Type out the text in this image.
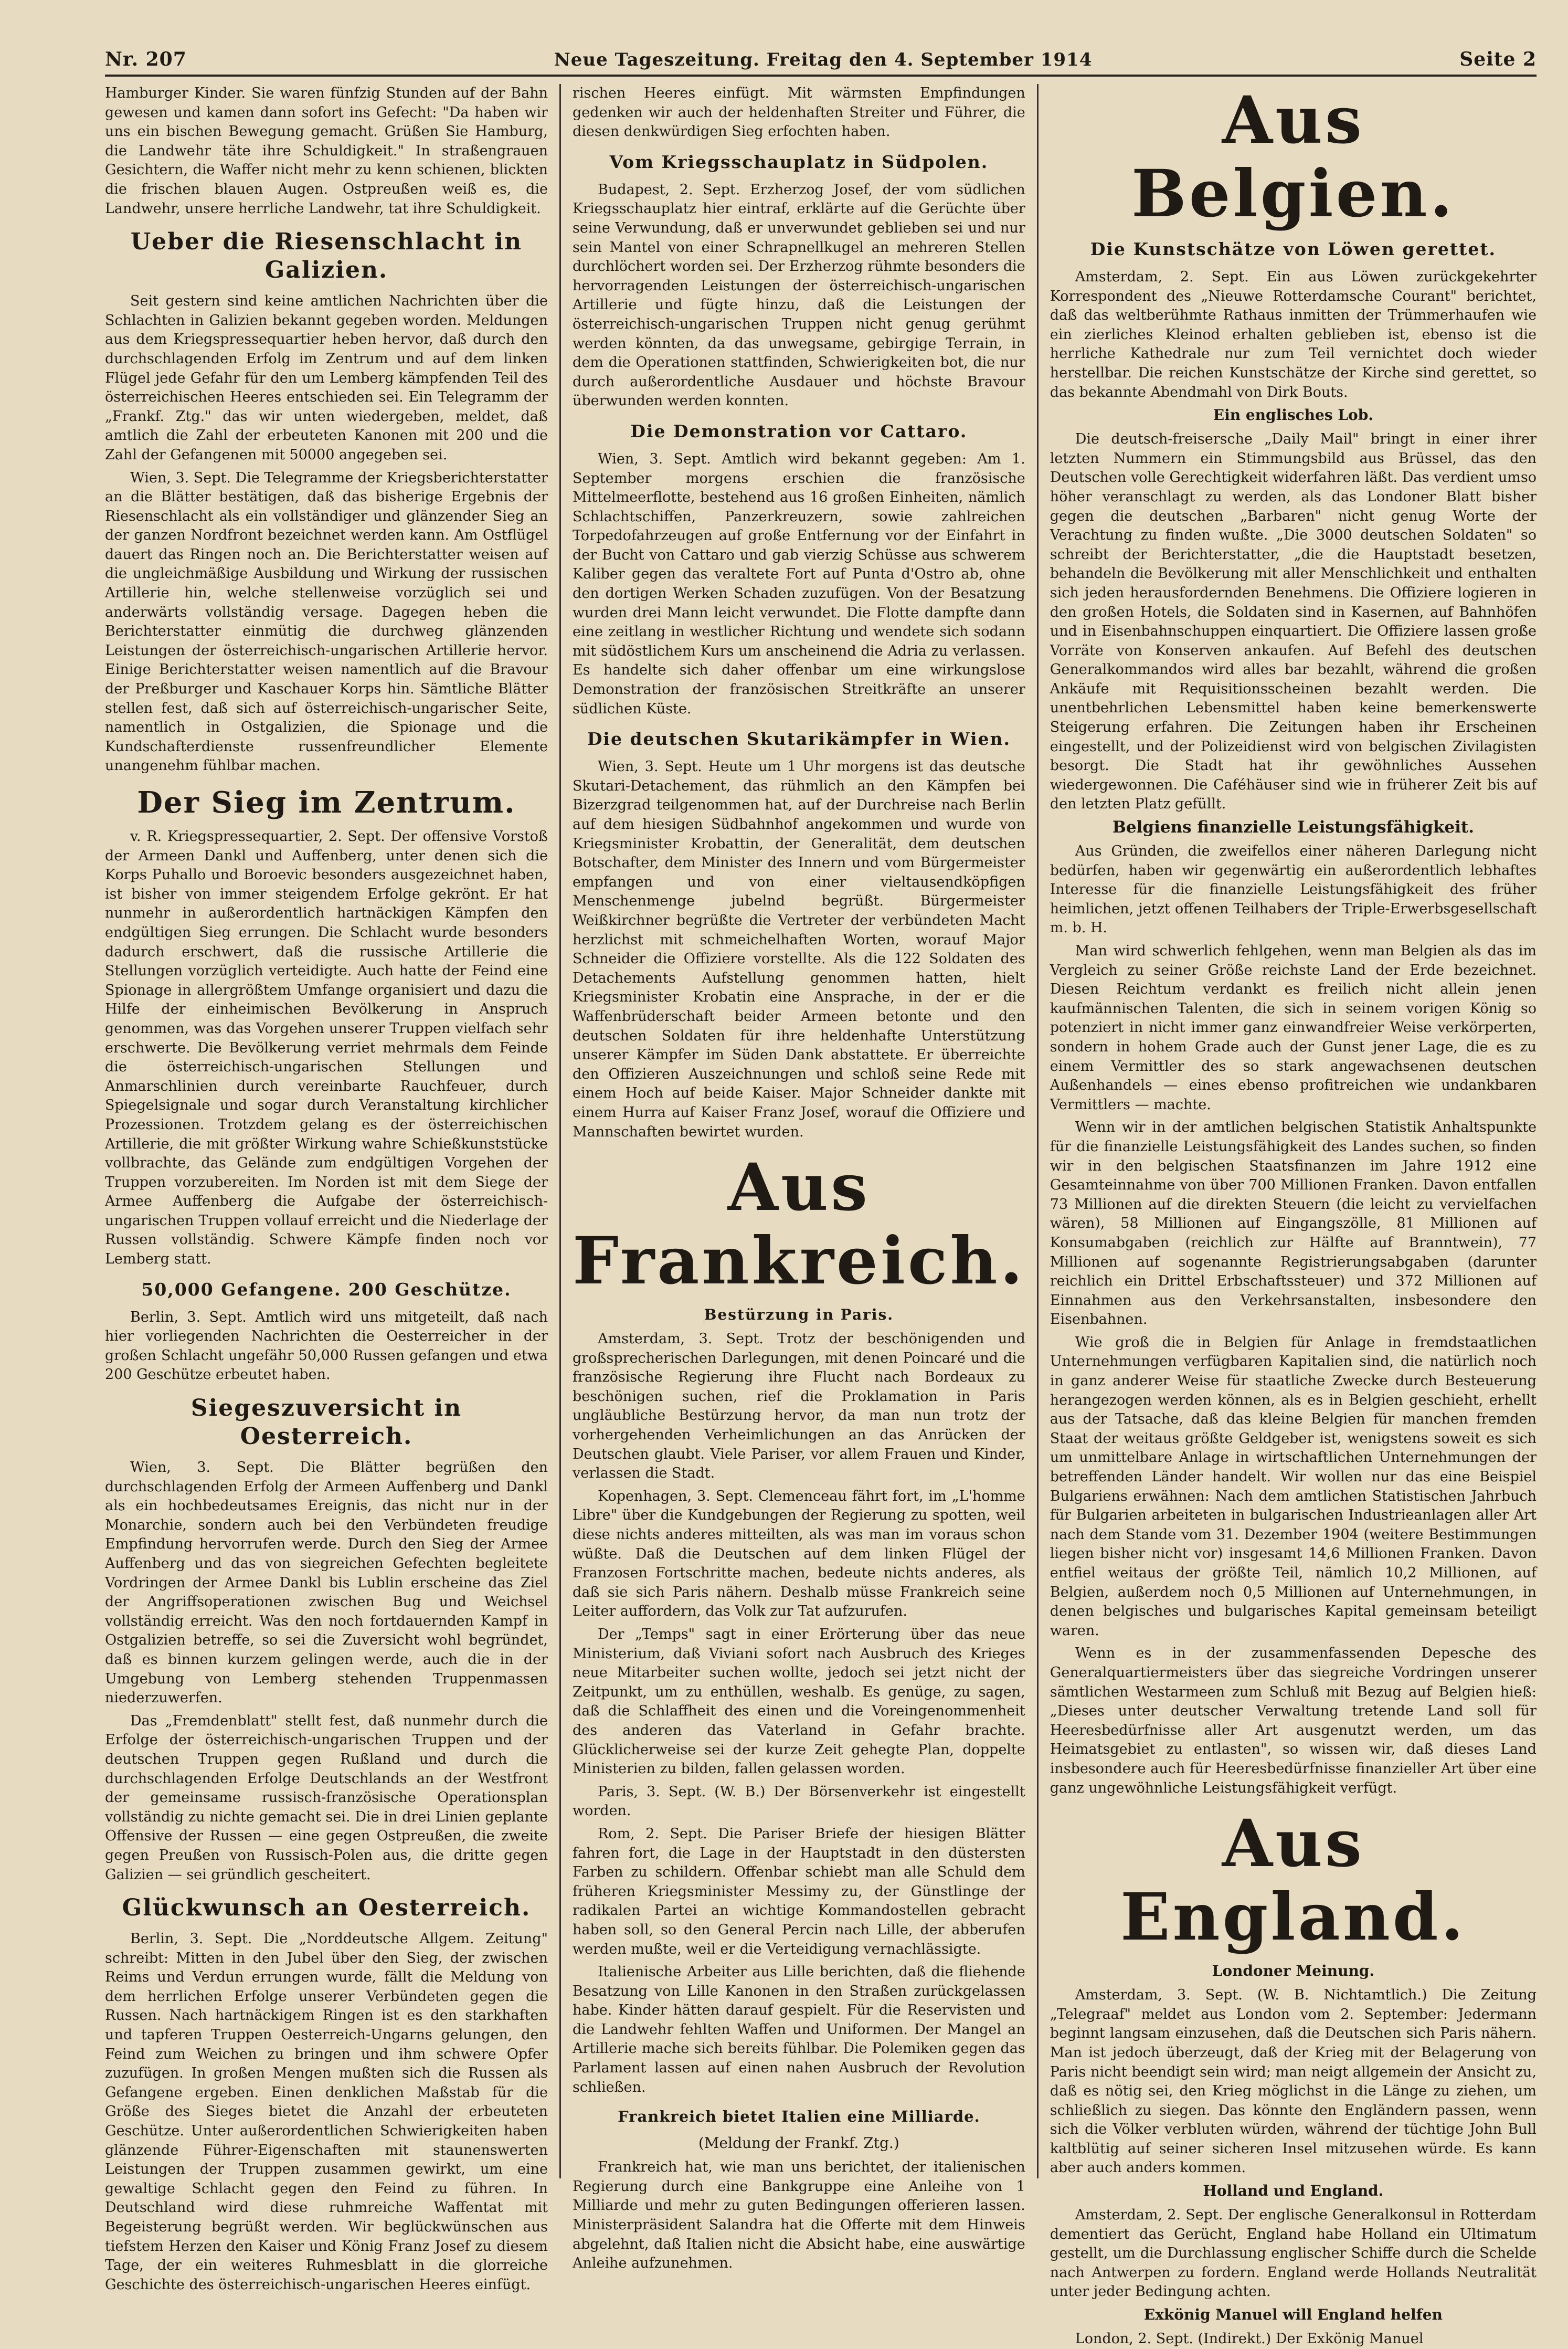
Nr. 207	Neue Tageszeitung. Freitag den 4. September 1914	Seite 2

Hamburger Kinder. Sie waren fünfzig Stunden auf der Bahn gewesen und kamen dann sofort ins Gefecht: "Da haben wir uns ein bischen Bewegung gemacht. Grüßen Sie Hamburg, die Landwehr täte ihre Schuldigkeit." In straßengrauen Gesichtern, die Waffer nicht mehr zu kenn schienen, blickten die frischen blauen Augen. Ostpreußen weiß es, die Landwehr, unsere herrliche Landwehr, tat ihre Schuldigkeit.

Ueber die Riesenschlacht in Galizien.

Seit gestern sind keine amtlichen Nachrichten über die Schlachten in Galizien bekannt gegeben worden. Meldungen aus dem Kriegspressequartier heben hervor, daß durch den durchschlagenden Erfolg im Zentrum und auf dem linken Flügel jede Gefahr für den um Lemberg kämpfenden Teil des österreichischen Heeres entschieden sei. Ein Telegramm der „Frankf. Ztg." das wir unten wiedergeben, meldet, daß amtlich die Zahl der erbeuteten Kanonen mit 200 und die Zahl der Gefangenen mit 50000 angegeben sei.

Wien, 3. Sept. Die Telegramme der Kriegsberichterstatter an die Blätter bestätigen, daß das bisherige Ergebnis der Riesenschlacht als ein vollständiger und glänzender Sieg an der ganzen Nordfront bezeichnet werden kann. Am Ostflügel dauert das Ringen noch an. Die Berichterstatter weisen auf die ungleichmäßige Ausbildung und Wirkung der russischen Artillerie hin, welche stellenweise vorzüglich sei und anderwärts vollständig versage. Dagegen heben die Berichterstatter einmütig die durchweg glänzenden Leistungen der österreichisch-ungarischen Artillerie hervor. Einige Berichterstatter weisen namentlich auf die Bravour der Preßburger und Kaschauer Korps hin. Sämtliche Blätter stellen fest, daß sich auf österreichisch-ungarischer Seite, namentlich in Ostgalizien, die Spionage und die Kundschafterdienste russenfreundlicher Elemente unangenehm fühlbar machen.

Der Sieg im Zentrum.

v. R. Kriegspressequartier, 2. Sept. Der offensive Vorstoß der Armeen Dankl und Auffenberg, unter denen sich die Korps Puhallo und Boroevic besonders ausgezeichnet haben, ist bisher von immer steigendem Erfolge gekrönt. Er hat nunmehr in außerordentlich hartnäckigen Kämpfen den endgültigen Sieg errungen. Die Schlacht wurde besonders dadurch erschwert, daß die russische Artillerie die Stellungen vorzüglich verteidigte. Auch hatte der Feind eine Spionage in allergrößtem Umfange organisiert und dazu die Hilfe der einheimischen Bevölkerung in Anspruch genommen, was das Vorgehen unserer Truppen vielfach sehr erschwerte. Die Bevölkerung verriet mehrmals dem Feinde die österreichisch-ungarischen Stellungen und Anmarschlinien durch vereinbarte Rauchfeuer, durch Spiegelsignale und sogar durch Veranstaltung kirchlicher Prozessionen. Trotzdem gelang es der österreichischen Artillerie, die mit größter Wirkung wahre Schießkunststücke vollbrachte, das Gelände zum endgültigen Vorgehen der Truppen vorzubereiten. Im Norden ist mit dem Siege der Armee Auffenberg die Aufgabe der österreichisch-ungarischen Truppen vollauf erreicht und die Niederlage der Russen vollständig. Schwere Kämpfe finden noch vor Lemberg statt.

50,000 Gefangene. 200 Geschütze.

Berlin, 3. Sept. Amtlich wird uns mitgeteilt, daß nach hier vorliegenden Nachrichten die Oesterreicher in der großen Schlacht ungefähr 50,000 Russen gefangen und etwa 200 Geschütze erbeutet haben.

Siegeszuversicht in Oesterreich.

Wien, 3. Sept. Die Blätter begrüßen den durchschlagenden Erfolg der Armeen Auffenberg und Dankl als ein hochbedeutsames Ereignis, das nicht nur in der Monarchie, sondern auch bei den Verbündeten freudige Empfindung hervorrufen werde. Durch den Sieg der Armee Auffenberg und das von siegreichen Gefechten begleitete Vordringen der Armee Dankl bis Lublin erscheine das Ziel der Angriffsoperationen zwischen Bug und Weichsel vollständig erreicht. Was den noch fortdauernden Kampf in Ostgalizien betreffe, so sei die Zuversicht wohl begründet, daß es binnen kurzem gelingen werde, auch die in der Umgebung von Lemberg stehenden Truppenmassen niederzuwerfen.

Das „Fremdenblatt" stellt fest, daß nunmehr durch die Erfolge der österreichisch-ungarischen Truppen und der deutschen Truppen gegen Rußland und durch die durchschlagenden Erfolge Deutschlands an der Westfront der gemeinsame russisch-französische Operationsplan vollständig zu nichte gemacht sei. Die in drei Linien geplante Offensive der Russen — eine gegen Ostpreußen, die zweite gegen Preußen von Russisch-Polen aus, die dritte gegen Galizien — sei gründlich gescheitert.

Glückwunsch an Oesterreich.

Berlin, 3. Sept. Die „Norddeutsche Allgem. Zeitung" schreibt: Mitten in den Jubel über den Sieg, der zwischen Reims und Verdun errungen wurde, fällt die Meldung von dem herrlichen Erfolge unserer Verbündeten gegen die Russen. Nach hartnäckigem Ringen ist es den starkhaften und tapferen Truppen Oesterreich-Ungarns gelungen, den Feind zum Weichen zu bringen und ihm schwere Opfer zuzufügen. In großen Mengen mußten sich die Russen als Gefangene ergeben. Einen denklichen Maßstab für die Größe des Sieges bietet die Anzahl der erbeuteten Geschütze. Unter außerordentlichen Schwierigkeiten haben glänzende Führer-Eigenschaften mit staunenswerten Leistungen der Truppen zusammen gewirkt, um eine gewaltige Schlacht gegen den Feind zu führen. In Deutschland wird diese ruhmreiche Waffentat mit Begeisterung begrüßt werden. Wir beglückwünschen aus tiefstem Herzen den Kaiser und König Franz Josef zu diesem Tage, der ein weiteres Ruhmesblatt in die glorreiche Geschichte des österreichisch-ungarischen Heeres einfügt.

rischen Heeres einfügt. Mit wärmsten Empfindungen gedenken wir auch der heldenhaften Streiter und Führer, die diesen denkwürdigen Sieg erfochten haben.

Vom Kriegsschauplatz in Südpolen.

Budapest, 2. Sept. Erzherzog Josef, der vom südlichen Kriegsschauplatz hier eintraf, erklärte auf die Gerüchte über seine Verwundung, daß er unverwundet geblieben sei und nur sein Mantel von einer Schrapnellkugel an mehreren Stellen durchlöchert worden sei. Der Erzherzog rühmte besonders die hervorragenden Leistungen der österreichisch-ungarischen Artillerie und fügte hinzu, daß die Leistungen der österreichisch-ungarischen Truppen nicht genug gerühmt werden könnten, da das unwegsame, gebirgige Terrain, in dem die Operationen stattfinden, Schwierigkeiten bot, die nur durch außerordentliche Ausdauer und höchste Bravour überwunden werden konnten.

Die Demonstration vor Cattaro.

Wien, 3. Sept. Amtlich wird bekannt gegeben: Am 1. September morgens erschien die französische Mittelmeerflotte, bestehend aus 16 großen Einheiten, nämlich Schlachtschiffen, Panzerkreuzern, sowie zahlreichen Torpedofahrzeugen auf große Entfernung vor der Einfahrt in der Bucht von Cattaro und gab vierzig Schüsse aus schwerem Kaliber gegen das veraltete Fort auf Punta d'Ostro ab, ohne den dortigen Werken Schaden zuzufügen. Von der Besatzung wurden drei Mann leicht verwundet. Die Flotte dampfte dann eine zeitlang in westlicher Richtung und wendete sich sodann mit südöstlichem Kurs um anscheinend die Adria zu verlassen. Es handelte sich daher offenbar um eine wirkungslose Demonstration der französischen Streitkräfte an unserer südlichen Küste.

Die deutschen Skutarikämpfer in Wien.

Wien, 3. Sept. Heute um 1 Uhr morgens ist das deutsche Skutari-Detachement, das rühmlich an den Kämpfen bei Bizerzgrad teilgenommen hat, auf der Durchreise nach Berlin auf dem hiesigen Südbahnhof angekommen und wurde von Kriegsminister Krobattin, der Generalität, dem deutschen Botschafter, dem Minister des Innern und vom Bürgermeister empfangen und von einer vieltausendköpfigen Menschenmenge jubelnd begrüßt. Bürgermeister Weißkirchner begrüßte die Vertreter der verbündeten Macht herzlichst mit schmeichelhaften Worten, worauf Major Schneider die Offiziere vorstellte. Als die 122 Soldaten des Detachements Aufstellung genommen hatten, hielt Kriegsminister Krobatin eine Ansprache, in der er die Waffenbrüderschaft beider Armeen betonte und den deutschen Soldaten für ihre heldenhafte Unterstützung unserer Kämpfer im Süden Dank abstattete. Er überreichte den Offizieren Auszeichnungen und schloß seine Rede mit einem Hoch auf beide Kaiser. Major Schneider dankte mit einem Hurra auf Kaiser Franz Josef, worauf die Offiziere und Mannschaften bewirtet wurden.

Aus Frankreich.
Bestürzung in Paris.

Amsterdam, 3. Sept. Trotz der beschönigenden und großsprecherischen Darlegungen, mit denen Poincaré und die französische Regierung ihre Flucht nach Bordeaux zu beschönigen suchen, rief die Proklamation in Paris ungläubliche Bestürzung hervor, da man nun trotz der vorhergehenden Verheimlichungen an das Anrücken der Deutschen glaubt. Viele Pariser, vor allem Frauen und Kinder, verlassen die Stadt.

Kopenhagen, 3. Sept. Clemenceau fährt fort, im „L'homme Libre" über die Kundgebungen der Regierung zu spotten, weil diese nichts anderes mitteilten, als was man im voraus schon wüßte. Daß die Deutschen auf dem linken Flügel der Franzosen Fortschritte machen, bedeute nichts anderes, als daß sie sich Paris nähern. Deshalb müsse Frankreich seine Leiter auffordern, das Volk zur Tat aufzurufen.

Der „Temps" sagt in einer Erörterung über das neue Ministerium, daß Viviani sofort nach Ausbruch des Krieges neue Mitarbeiter suchen wollte, jedoch sei jetzt nicht der Zeitpunkt, um zu enthüllen, weshalb. Es genüge, zu sagen, daß die Schlaffheit des einen und die Voreingenommenheit des anderen das Vaterland in Gefahr brachte. Glücklicherweise sei der kurze Zeit gehegte Plan, doppelte Ministerien zu bilden, fallen gelassen worden.

Paris, 3. Sept. (W. B.) Der Börsenverkehr ist eingestellt worden.

Rom, 2. Sept. Die Pariser Briefe der hiesigen Blätter fahren fort, die Lage in der Hauptstadt in den düstersten Farben zu schildern. Offenbar schiebt man alle Schuld dem früheren Kriegsminister Messimy zu, der Günstlinge der radikalen Partei an wichtige Kommandostellen gebracht haben soll, so den General Percin nach Lille, der abberufen werden mußte, weil er die Verteidigung vernachlässigte.

Italienische Arbeiter aus Lille berichten, daß die fliehende Besatzung von Lille Kanonen in den Straßen zurückgelassen habe. Kinder hätten darauf gespielt. Für die Reservisten und die Landwehr fehlten Waffen und Uniformen. Der Mangel an Artillerie mache sich bereits fühlbar. Die Polemiken gegen das Parlament lassen auf einen nahen Ausbruch der Revolution schließen.

Frankreich bietet Italien eine Milliarde.
(Meldung der Frankf. Ztg.)

Frankreich hat, wie man uns berichtet, der italienischen Regierung durch eine Bankgruppe eine Anleihe von 1 Milliarde und mehr zu guten Bedingungen offerieren lassen. Ministerpräsident Salandra hat die Offerte mit dem Hinweis abgelehnt, daß Italien nicht die Absicht habe, eine auswärtige Anleihe aufzunehmen.

Aus Belgien.
Die Kunstschätze von Löwen gerettet.

Amsterdam, 2. Sept. Ein aus Löwen zurückgekehrter Korrespondent des „Nieuwe Rotterdamsche Courant" berichtet, daß das weltberühmte Rathaus inmitten der Trümmerhaufen wie ein zierliches Kleinod erhalten geblieben ist, ebenso ist die herrliche Kathedrale nur zum Teil vernichtet doch wieder herstellbar. Die reichen Kunstschätze der Kirche sind gerettet, so das bekannte Abendmahl von Dirk Bouts.

Ein englisches Lob.

Die deutsch-freisersche „Daily Mail" bringt in einer ihrer letzten Nummern ein Stimmungsbild aus Brüssel, das den Deutschen volle Gerechtigkeit widerfahren läßt. Das verdient umso höher veranschlagt zu werden, als das Londoner Blatt bisher gegen die deutschen „Barbaren" nicht genug Worte der Verachtung zu finden wußte. „Die 3000 deutschen Soldaten" so schreibt der Berichterstatter, „die die Hauptstadt besetzen, behandeln die Bevölkerung mit aller Menschlichkeit und enthalten sich jeden herausfordernden Benehmens. Die Offiziere logieren in den großen Hotels, die Soldaten sind in Kasernen, auf Bahnhöfen und in Eisenbahnschuppen einquartiert. Die Offiziere lassen große Vorräte von Konserven ankaufen. Auf Befehl des deutschen Generalkommandos wird alles bar bezahlt, während die großen Ankäufe mit Requisitionsscheinen bezahlt werden. Die unentbehrlichen Lebensmittel haben keine bemerkenswerte Steigerung erfahren. Die Zeitungen haben ihr Erscheinen eingestellt, und der Polizeidienst wird von belgischen Zivilagisten besorgt. Die Stadt hat ihr gewöhnliches Aussehen wiedergewonnen. Die Caféhäuser sind wie in früherer Zeit bis auf den letzten Platz gefüllt.

Belgiens finanzielle Leistungsfähigkeit.

Aus Gründen, die zweifellos einer näheren Darlegung nicht bedürfen, haben wir gegenwärtig ein außerordentlich lebhaftes Interesse für die finanzielle Leistungsfähigkeit des früher heimlichen, jetzt offenen Teilhabers der Triple-Erwerbsgesellschaft m. b. H.

Man wird schwerlich fehlgehen, wenn man Belgien als das im Vergleich zu seiner Größe reichste Land der Erde bezeichnet. Diesen Reichtum verdankt es freilich nicht allein jenen kaufmännischen Talenten, die sich in seinem vorigen König so potenziert in nicht immer ganz einwandfreier Weise verkörperten, sondern in hohem Grade auch der Gunst jener Lage, die es zu einem Vermittler des so stark angewachsenen deutschen Außenhandels — eines ebenso profitreichen wie undankbaren Vermittlers — machte.

Wenn wir in der amtlichen belgischen Statistik Anhaltspunkte für die finanzielle Leistungsfähigkeit des Landes suchen, so finden wir in den belgischen Staatsfinanzen im Jahre 1912 eine Gesamteinnahme von über 700 Millionen Franken. Davon entfallen 73 Millionen auf die direkten Steuern (die leicht zu vervielfachen wären), 58 Millionen auf Eingangszölle, 81 Millionen auf Konsumabgaben (reichlich zur Hälfte auf Branntwein), 77 Millionen auf sogenannte Registrierungsabgaben (darunter reichlich ein Drittel Erbschaftssteuer) und 372 Millionen auf Einnahmen aus den Verkehrsanstalten, insbesondere den Eisenbahnen.

Wie groß die in Belgien für Anlage in fremdstaatlichen Unternehmungen verfügbaren Kapitalien sind, die natürlich noch in ganz anderer Weise für staatliche Zwecke durch Besteuerung herangezogen werden können, als es in Belgien geschieht, erhellt aus der Tatsache, daß das kleine Belgien für manchen fremden Staat der weitaus größte Geldgeber ist, wenigstens soweit es sich um unmittelbare Anlage in wirtschaftlichen Unternehmungen der betreffenden Länder handelt. Wir wollen nur das eine Beispiel Bulgariens erwähnen: Nach dem amtlichen Statistischen Jahrbuch für Bulgarien arbeiteten in bulgarischen Industrieanlagen aller Art nach dem Stande vom 31. Dezember 1904 (weitere Bestimmungen liegen bisher nicht vor) insgesamt 14,6 Millionen Franken. Davon entfiel weitaus der größte Teil, nämlich 10,2 Millionen, auf Belgien, außerdem noch 0,5 Millionen auf Unternehmungen, in denen belgisches und bulgarisches Kapital gemeinsam beteiligt waren.

Wenn es in der zusammenfassenden Depesche des Generalquartiermeisters über das siegreiche Vordringen unserer sämtlichen Westarmeen zum Schluß mit Bezug auf Belgien hieß: „Dieses unter deutscher Verwaltung tretende Land soll für Heeresbedürfnisse aller Art ausgenutzt werden, um das Heimatsgebiet zu entlasten", so wissen wir, daß dieses Land insbesondere auch für Heeresbedürfnisse finanzieller Art über eine ganz ungewöhnliche Leistungsfähigkeit verfügt.

Aus England.
Londoner Meinung.

Amsterdam, 3. Sept. (W. B. Nichtamtlich.) Die Zeitung „Telegraaf" meldet aus London vom 2. September: Jedermann beginnt langsam einzusehen, daß die Deutschen sich Paris nähern. Man ist jedoch überzeugt, daß der Krieg mit der Belagerung von Paris nicht beendigt sein wird; man neigt allgemein der Ansicht zu, daß es nötig sei, den Krieg möglichst in die Länge zu ziehen, um schließlich zu siegen. Das könnte den Engländern passen, wenn sich die Völker verbluten würden, während der tüchtige John Bull kaltblütig auf seiner sicheren Insel mitzusehen würde. Es kann aber auch anders kommen.

Holland und England.

Amsterdam, 2. Sept. Der englische Generalkonsul in Rotterdam dementiert das Gerücht, England habe Holland ein Ultimatum gestellt, um die Durchlassung englischer Schiffe durch die Schelde nach Antwerpen zu fordern. England werde Hollands Neutralität unter jeder Bedingung achten.

Exkönig Manuel will England helfen

London, 2. Sept. (Indirekt.) Der Exkönig Manuel
